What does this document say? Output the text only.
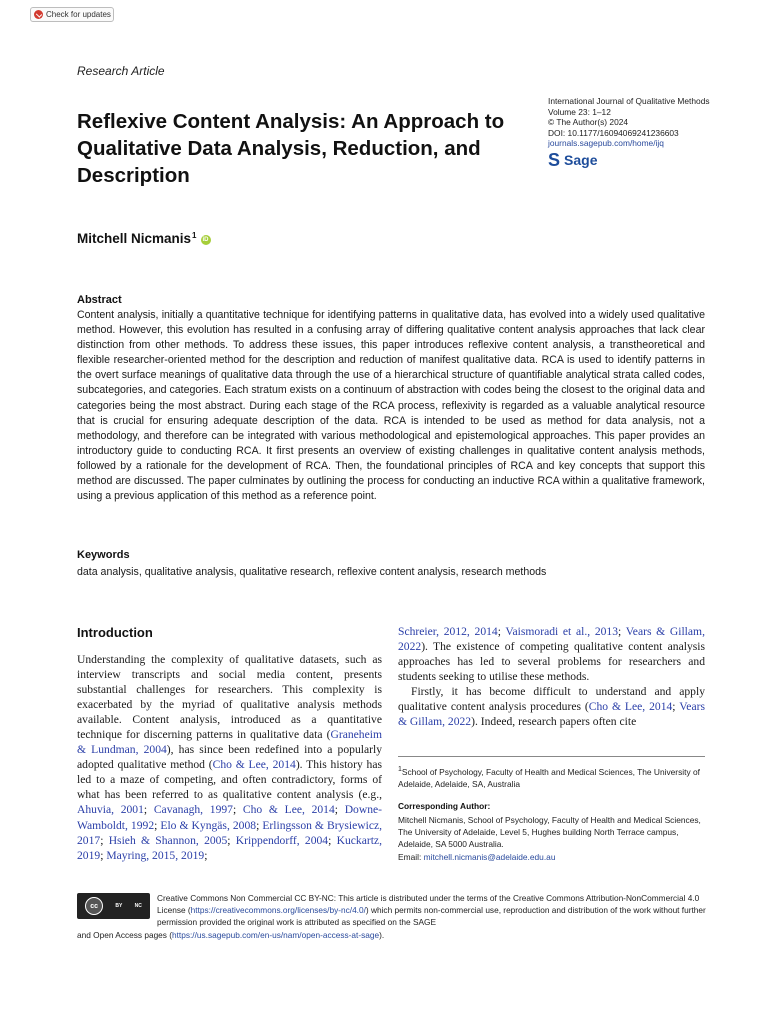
Check for updates
Research Article
Reflexive Content Analysis: An Approach to Qualitative Data Analysis, Reduction, and Description
International Journal of Qualitative Methods
Volume 23: 1–12
© The Author(s) 2024
DOI: 10.1177/16094069241236603
journals.sagepub.com/home/ijq
S Sage
Mitchell Nicmanis$^1$	iD
Abstract
Content analysis, initially a quantitative technique for identifying patterns in qualitative data, has evolved into a widely used qualitative method. However, this evolution has resulted in a confusing array of differing qualitative content analysis approaches that lack clear distinction from other methods. To address these issues, this paper introduces reflexive content analysis, a transtheoretical and flexible researcher-oriented method for the description and reduction of manifest qualitative data. RCA is used to identify patterns in the overt surface meanings of qualitative data through the use of a hierarchical structure of quantifiable analytical strata called codes, subcategories, and categories. Each stratum exists on a continuum of abstraction with codes being the closest to the original data and categories being the most abstract. During each stage of the RCA process, reflexivity is regarded as a valuable analytical resource that is crucial for ensuring adequate description of the data. RCA is intended to be used as method for data analysis, not a methodology, and therefore can be integrated with various methodological and epistemological approaches. This paper provides an introductory guide to conducting RCA. It first presents an overview of existing challenges in qualitative content analysis methods, followed by a rationale for the development of RCA. Then, the foundational principles of RCA and key concepts that support this method are discussed. The paper culminates by outlining the process for conducting an inductive RCA within a qualitative framework, using a previous application of this method as a reference point.
Keywords
data analysis, qualitative analysis, qualitative research, reflexive content analysis, research methods
Introduction

Understanding the complexity of qualitative datasets, such as interview transcripts and social media content, presents substantial challenges for researchers. This complexity is exacerbated by the myriad of qualitative analysis methods available. Content analysis, introduced as a quantitative technique for discerning patterns in qualitative data (Graneheim & Lundman, 2004), has since been redefined into a popularly adopted qualitative method (Cho & Lee, 2014). This history has led to a maze of competing, and often contradictory, forms of what has been referred to as qualitative content analysis (e.g., Ahuvia, 2001; Cavanagh, 1997; Cho & Lee, 2014; Downe-Wamboldt, 1992; Elo & Kyngäs, 2008; Erlingsson & Brysiewicz, 2017; Hsieh & Shannon, 2005; Krippendorff, 2004; Kuckartz, 2019; Mayring, 2015, 2019;

Schreier, 2012, 2014; Vaismoradi et al., 2013; Vears & Gillam, 2022). The existence of competing qualitative content analysis approaches has led to several problems for researchers and students seeking to utilise these methods.

Firstly, it has become difficult to understand and apply qualitative content analysis procedures (Cho & Lee, 2014; Vears & Gillam, 2022). Indeed, research papers often cite

$^1$School of Psychology, Faculty of Health and Medical Sciences, The University of Adelaide, Adelaide, SA, Australia
Corresponding Author:
Mitchell Nicmanis, School of Psychology, Faculty of Health and Medical Sciences, The University of Adelaide, Level 5, Hughes building North Terrace campus, Adelaide, SA 5000 Australia.
Email: mitchell.nicmanis@adelaide.edu.au
cc	BY NC
Creative Commons Non Commercial CC BY-NC: This article is distributed under the terms of the Creative Commons Attribution-NonCommercial 4.0 License (https://creativecommons.org/licenses/by-nc/4.0/) which permits non-commercial use, reproduction and distribution of the work without further permission provided the original work is attributed as specified on the SAGE
and Open Access pages (https://us.sagepub.com/en-us/nam/open-access-at-sage).
